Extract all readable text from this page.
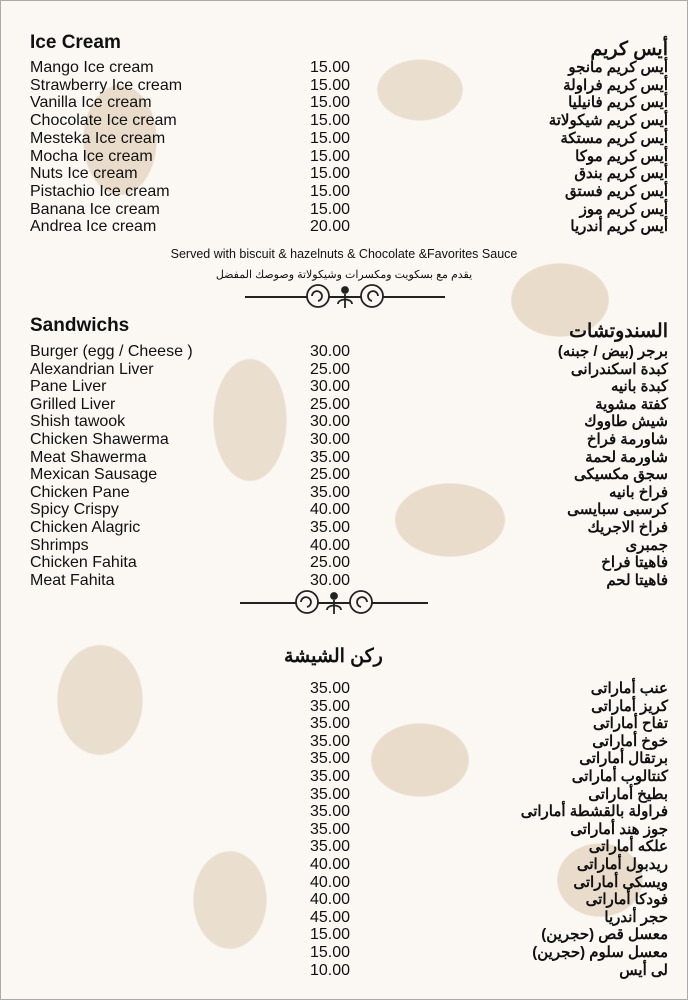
Ice Cream	أيس كريم
Mango Ice cream	15.00	أيس كريم مانجو
Strawberry Ice cream	15.00	أيس كريم فراولة
Vanilla Ice cream	15.00	أيس كريم فانيليا
Chocolate Ice cream	15.00	أيس كريم شيكولاتة
Mesteka Ice cream	15.00	أيس كريم مستكة
Mocha Ice cream	15.00	أيس كريم موكا
Nuts Ice cream	15.00	أيس كريم بندق
Pistachio Ice cream	15.00	أيس كريم فستق
Banana Ice cream	15.00	أيس كريم موز
Andrea Ice cream	20.00	أيس كريم أندريا
Served with biscuit & hazelnuts & Chocolate &Favorites Sauce
يقدم مع بسكويت ومكسرات وشيكولاتة وصوصك المفضل
Sandwichs	السندوتشات
Burger (egg / Cheese )	30.00	برجر (بيض / جبنه)
Alexandrian Liver	25.00	كبدة اسكندرانى
Pane Liver	30.00	كبدة بانيه
Grilled Liver	25.00	كفتة مشوية
Shish tawook	30.00	شيش طاووك
Chicken Shawerma	30.00	شاورمة فراخ
Meat Shawerma	35.00	شاورمة لحمة
Mexican Sausage	25.00	سجق مكسيكى
Chicken Pane	35.00	فراخ بانيه
Spicy Crispy	40.00	كرسبى سبايسى
Chicken Alagric	35.00	فراخ الاجريك
Shrimps	40.00	جمبرى
Chicken Fahita	25.00	فاهيتا فراخ
Meat Fahita	30.00	فاهيتا لحم
ركن الشيشة
35.00	عنب أماراتى
35.00	كريز أماراتى
35.00	تفاح أماراتى
35.00	خوخ أماراتى
35.00	برتقال أماراتى
35.00	كنتالوب أماراتى
35.00	بطيخ أماراتى
35.00	فراولة بالقشطة أماراتى
35.00	جوز هند أماراتى
35.00	علكه أماراتى
40.00	ريدبول أماراتى
40.00	ويسكى أماراتى
40.00	فودكا أماراتى
45.00	حجر أندريا
15.00	معسل قص (حجرين)
15.00	معسل سلوم (حجرين)
10.00	لى أيس
